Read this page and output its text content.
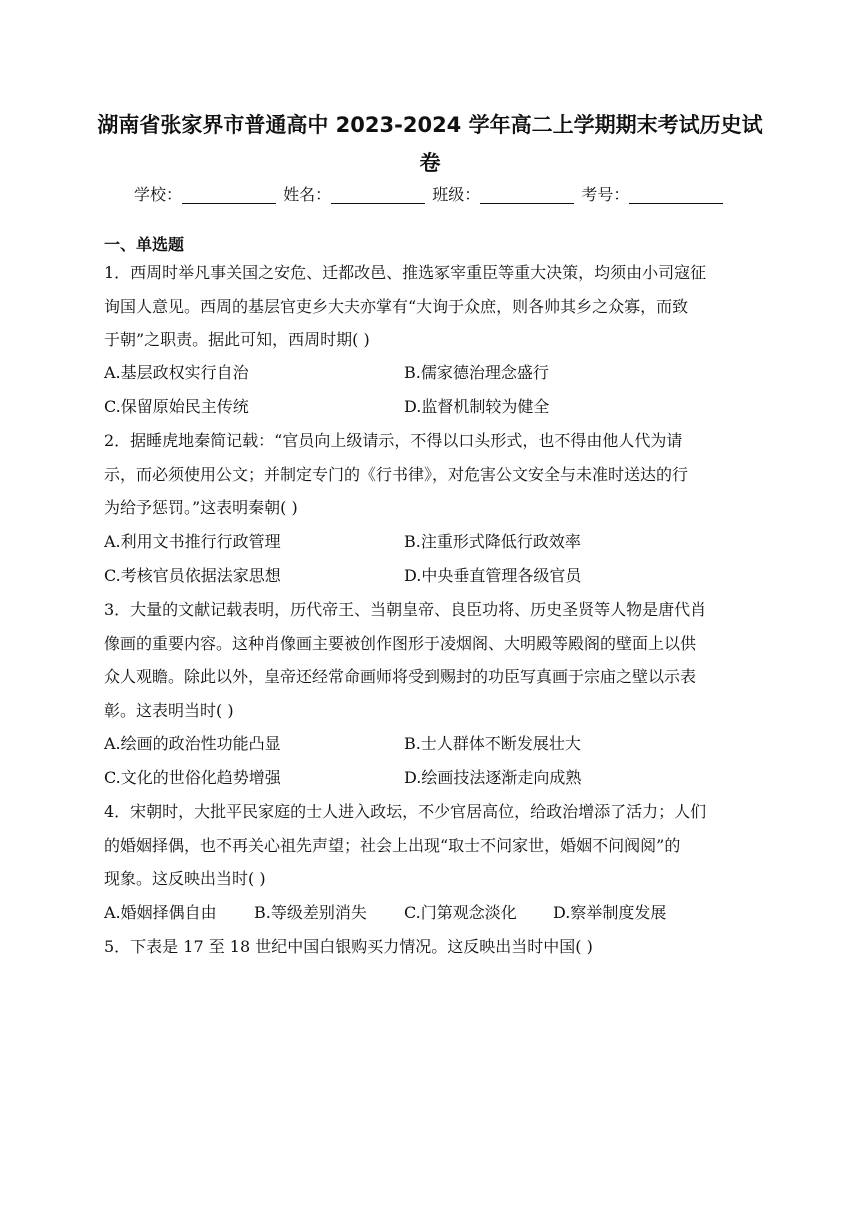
湖南省张家界市普通高中 2023-2024 学年高二上学期期末考试历史试
卷
学校：	姓名：	班级：	考号：
一、单选题
1．西周时举凡事关国之安危、迁都改邑、推选冢宰重臣等重大决策，均须由小司寇征
询国人意见。西周的基层官吏乡大夫亦掌有“大询于众庶，则各帅其乡之众寡，而致
于朝”之职责。据此可知，西周时期( )
A.基层政权实行自治	B.儒家德治理念盛行
C.保留原始民主传统	D.监督机制较为健全
2．据睡虎地秦简记载：“官员向上级请示，不得以口头形式，也不得由他人代为请
示，而必须使用公文；并制定专门的《行书律》，对危害公文安全与未准时送达的行
为给予惩罚。”这表明秦朝( )
A.利用文书推行行政管理	B.注重形式降低行政效率
C.考核官员依据法家思想	D.中央垂直管理各级官员
3．大量的文献记载表明，历代帝王、当朝皇帝、良臣功将、历史圣贤等人物是唐代肖
像画的重要内容。这种肖像画主要被创作图形于凌烟阁、大明殿等殿阁的壁面上以供
众人观瞻。除此以外，皇帝还经常命画师将受到赐封的功臣写真画于宗庙之壁以示表
彰。这表明当时( )
A.绘画的政治性功能凸显	B.士人群体不断发展壮大
C.文化的世俗化趋势增强	D.绘画技法逐渐走向成熟
4．宋朝时，大批平民家庭的士人进入政坛，不少官居高位，给政治增添了活力；人们
的婚姻择偶，也不再关心祖先声望；社会上出现“取士不问家世，婚姻不问阀阅”的
现象。这反映出当时( )
A.婚姻择偶自由 B.等级差别消失 C.门第观念淡化 D.察举制度发展
5．下表是 17 至 18 世纪中国白银购买力情况。这反映出当时中国( )
